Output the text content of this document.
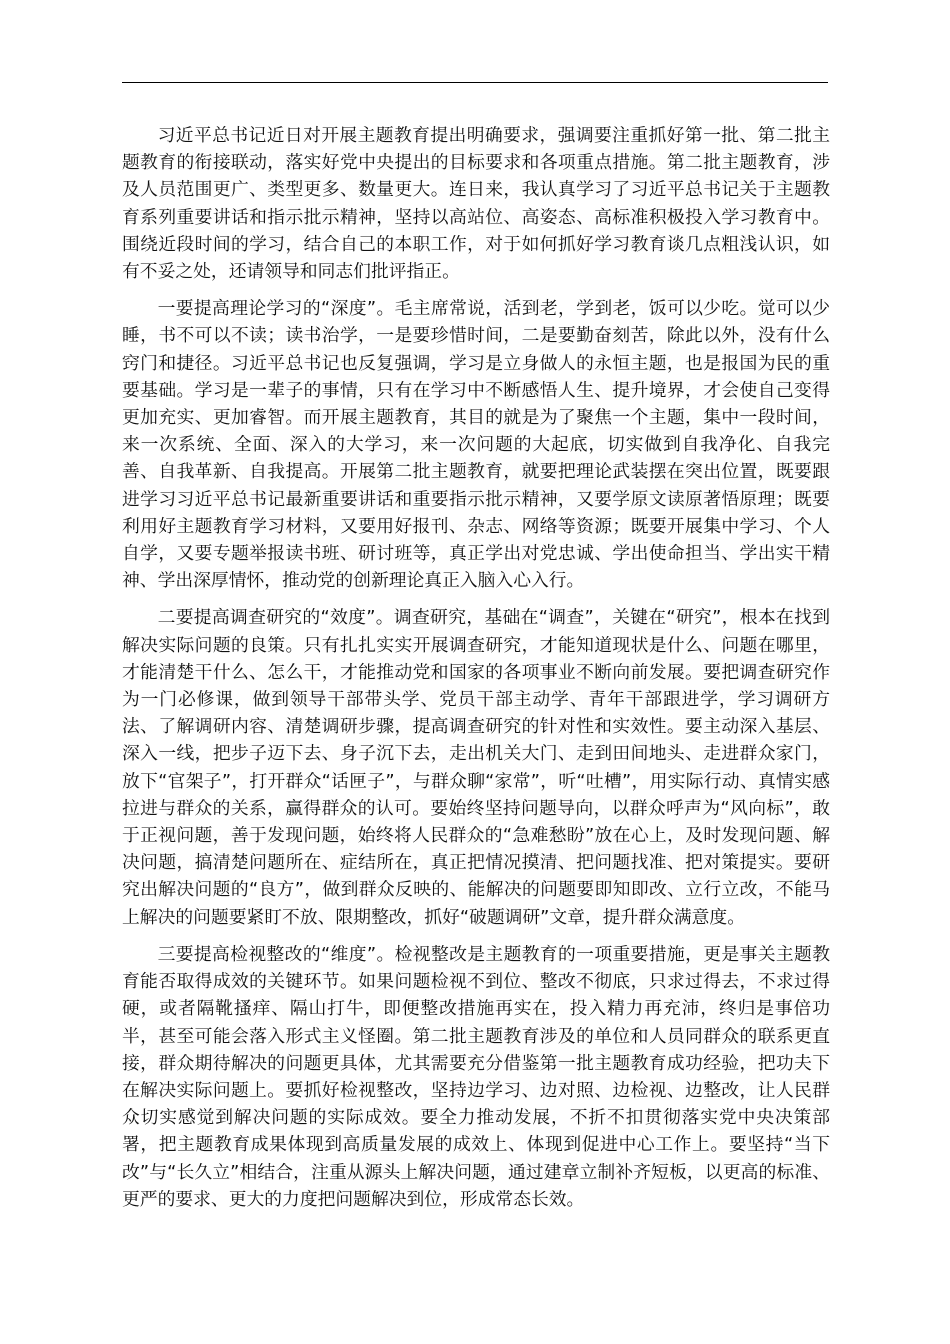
习近平总书记近日对开展主题教育提出明确要求，强调要注重抓好第一批、第二批主题教育的衔接联动，落实好党中央提出的目标要求和各项重点措施。第二批主题教育，涉及人员范围更广、类型更多、数量更大。连日来，我认真学习了习近平总书记关于主题教育系列重要讲话和指示批示精神，坚持以高站位、高姿态、高标准积极投入学习教育中。围绕近段时间的学习，结合自己的本职工作，对于如何抓好学习教育谈几点粗浅认识，如有不妥之处，还请领导和同志们批评指正。

一要提高理论学习的“深度”。毛主席常说，活到老，学到老，饭可以少吃。觉可以少睡，书不可以不读；读书治学，一是要珍惜时间，二是要勤奋刻苦，除此以外，没有什么窍门和捷径。习近平总书记也反复强调，学习是立身做人的永恒主题，也是报国为民的重要基础。学习是一辈子的事情，只有在学习中不断感悟人生、提升境界，才会使自己变得更加充实、更加睿智。而开展主题教育，其目的就是为了聚焦一个主题，集中一段时间，来一次系统、全面、深入的大学习，来一次问题的大起底，切实做到自我净化、自我完善、自我革新、自我提高。开展第二批主题教育，就要把理论武装摆在突出位置，既要跟进学习习近平总书记最新重要讲话和重要指示批示精神，又要学原文读原著悟原理；既要利用好主题教育学习材料，又要用好报刊、杂志、网络等资源；既要开展集中学习、个人自学，又要专题举报读书班、研讨班等，真正学出对党忠诚、学出使命担当、学出实干精神、学出深厚情怀，推动党的创新理论真正入脑入心入行。

二要提高调查研究的“效度”。调查研究，基础在“调查”，关键在“研究”，根本在找到解决实际问题的良策。只有扎扎实实开展调查研究，才能知道现状是什么、问题在哪里，才能清楚干什么、怎么干，才能推动党和国家的各项事业不断向前发展。要把调查研究作为一门必修课，做到领导干部带头学、党员干部主动学、青年干部跟进学，学习调研方法、了解调研内容、清楚调研步骤，提高调查研究的针对性和实效性。要主动深入基层、深入一线，把步子迈下去、身子沉下去，走出机关大门、走到田间地头、走进群众家门，放下“官架子”，打开群众“话匣子”，与群众聊“家常”，听“吐槽”，用实际行动、真情实感拉进与群众的关系，赢得群众的认可。要始终坚持问题导向，以群众呼声为“风向标”，敢于正视问题，善于发现问题，始终将人民群众的“急难愁盼”放在心上，及时发现问题、解决问题，搞清楚问题所在、症结所在，真正把情况摸清、把问题找准、把对策提实。要研究出解决问题的“良方”，做到群众反映的、能解决的问题要即知即改、立行立改，不能马上解决的问题要紧盯不放、限期整改，抓好“破题调研”文章，提升群众满意度。

三要提高检视整改的“维度”。检视整改是主题教育的一项重要措施，更是事关主题教育能否取得成效的关键环节。如果问题检视不到位、整改不彻底，只求过得去，不求过得硬，或者隔靴搔痒、隔山打牛，即便整改措施再实在，投入精力再充沛，终归是事倍功半，甚至可能会落入形式主义怪圈。第二批主题教育涉及的单位和人员同群众的联系更直接，群众期待解决的问题更具体，尤其需要充分借鉴第一批主题教育成功经验，把功夫下在解决实际问题上。要抓好检视整改，坚持边学习、边对照、边检视、边整改，让人民群众切实感觉到解决问题的实际成效。要全力推动发展，不折不扣贯彻落实党中央决策部署，把主题教育成果体现到高质量发展的成效上、体现到促进中心工作上。要坚持“当下改”与“长久立”相结合，注重从源头上解决问题，通过建章立制补齐短板，以更高的标准、更严的要求、更大的力度把问题解决到位，形成常态长效。
